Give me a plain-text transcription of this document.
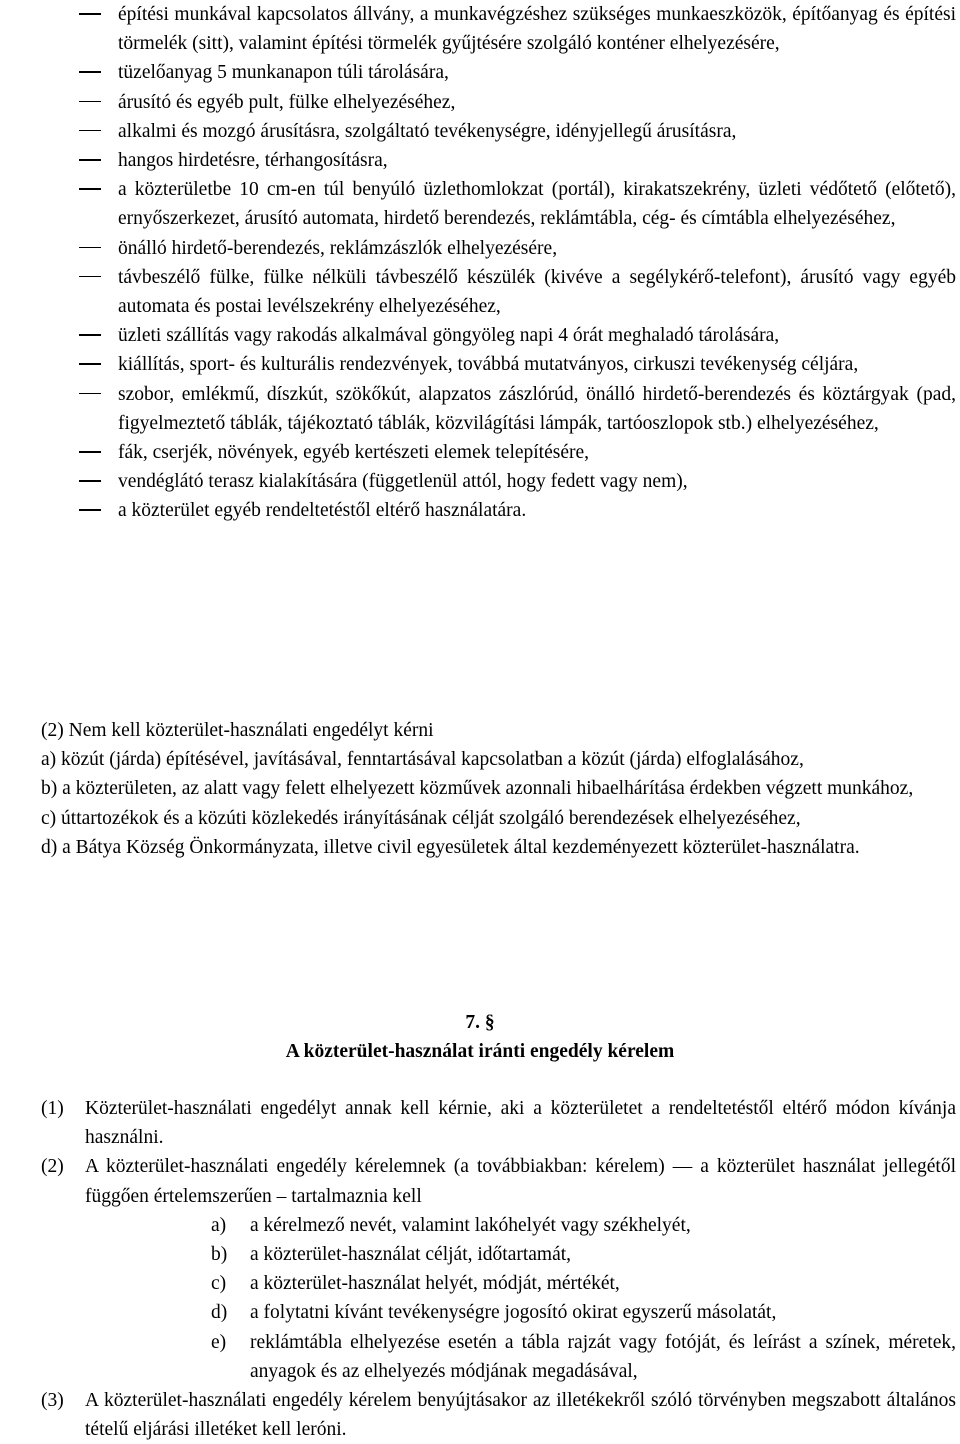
építési munkával kapcsolatos állvány, a munkavégzéshez szükséges munkaeszközök, építőanyag és építési törmelék (sitt), valamint építési törmelék gyűjtésére szolgáló konténer elhelyezésére,
tüzelőanyag 5 munkanapon túli tárolására,
árusító és egyéb pult, fülke elhelyezéséhez,
alkalmi és mozgó árusításra, szolgáltató tevékenységre, idényjellegű árusításra,
hangos hirdetésre, térhangosításra,
a közterületbe 10 cm-en túl benyúló üzlethomlokzat (portál), kirakatszekrény, üzleti védőtető (előtető), ernyőszerkezet, árusító automata, hirdető berendezés, reklámtábla, cég- és címtábla elhelyezéséhez,
önálló hirdető-berendezés, reklámzászlók elhelyezésére,
távbeszélő fülke, fülke nélküli távbeszélő készülék (kivéve a segélykérő-telefont), árusító vagy egyéb automata és postai levélszekrény elhelyezéséhez,
üzleti szállítás vagy rakodás alkalmával göngyöleg napi 4 órát meghaladó tárolására,
kiállítás, sport- és kulturális rendezvények, továbbá mutatványos, cirkuszi tevékenység céljára,
szobor, emlékmű, díszkút, szökőkút, alapzatos zászlórúd, önálló hirdető-berendezés és köztárgyak (pad, figyelmeztető táblák, tájékoztató táblák, közvilágítási lámpák, tartóoszlopok stb.) elhelyezéséhez,
fák, cserjék, növények, egyéb kertészeti elemek telepítésére,
vendéglátó terasz kialakítására (függetlenül attól, hogy fedett vagy nem),
a közterület egyéb rendeltetéstől eltérő használatára.
(2) Nem kell közterület-használati engedélyt kérni
a) közút (járda) építésével, javításával, fenntartásával kapcsolatban a közút (járda) elfoglalásához,
b) a közterületen, az alatt vagy felett elhelyezett közművek azonnali hibaelhárítása érdekben végzett munkához,
c) úttartozékok és a közúti közlekedés irányításának célját szolgáló berendezések elhelyezéséhez,
d) a Bátya Község Önkormányzata, illetve civil egyesületek által kezdeményezett közterület-használatra.
7. §
A közterület-használat iránti engedély kérelem
(1) Közterület-használati engedélyt annak kell kérnie, aki a közterületet a rendeltetéstől eltérő módon kívánja használni.
(2) A közterület-használati engedély kérelemnek (a továbbiakban: kérelem) — a közterület használat jellegétől függően értelemszerűen – tartalmaznia kell
a) a kérelmező nevét, valamint lakóhelyét vagy székhelyét,
b) a közterület-használat célját, időtartamát,
c) a közterület-használat helyét, módját, mértékét,
d) a folytatni kívánt tevékenységre jogosító okirat egyszerű másolatát,
e) reklámtábla elhelyezése esetén a tábla rajzát vagy fotóját, és leírást a színek, méretek, anyagok és az elhelyezés módjának megadásával,
(3) A közterület-használati engedély kérelem benyújtásakor az illetékekről szóló törvényben megszabott általános tételű eljárási illetéket kell leróni.
